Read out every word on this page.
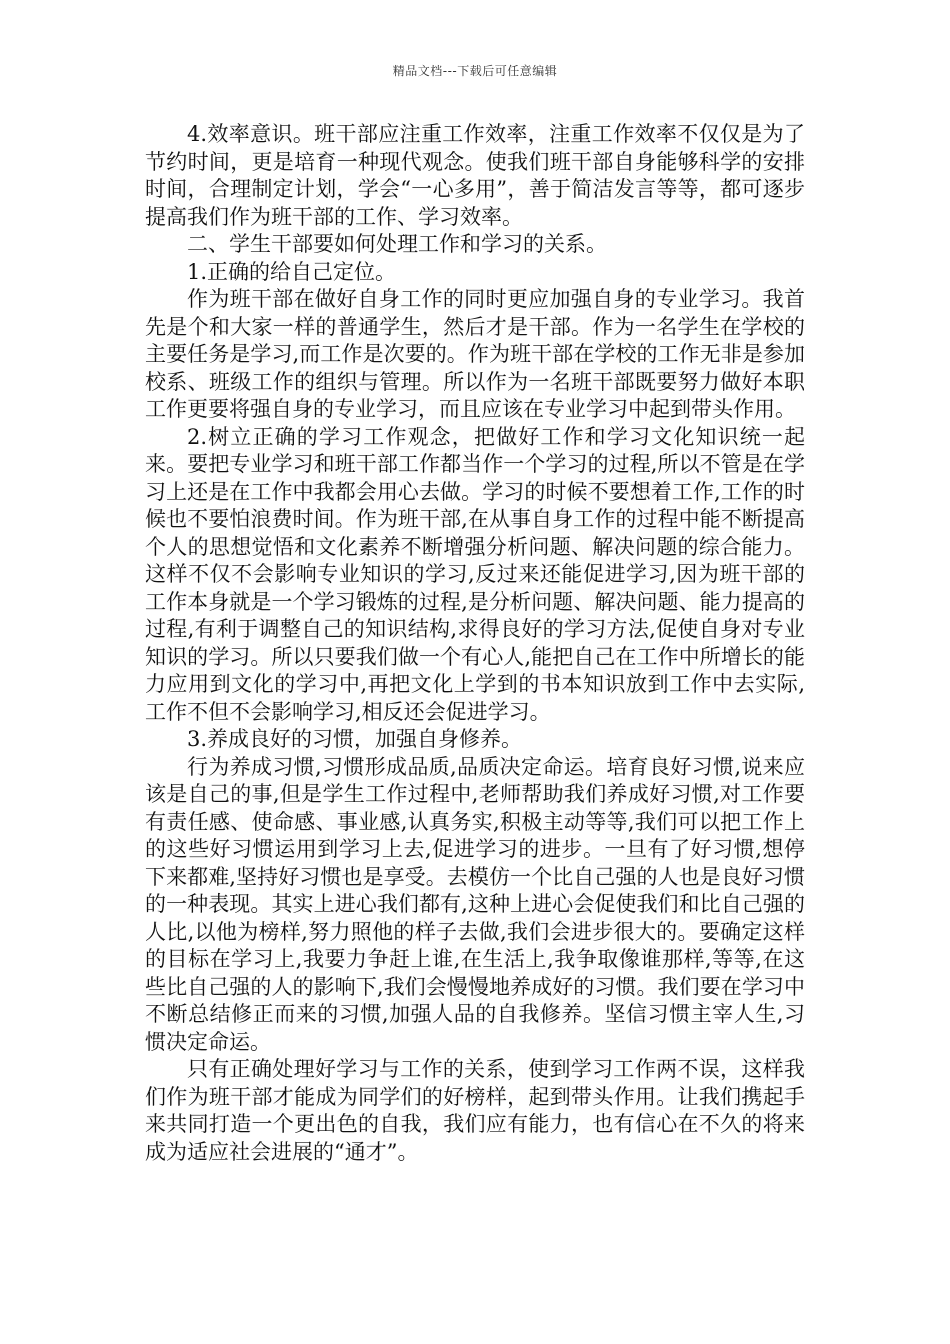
精品文档---下载后可任意编辑

4.效率意识。班干部应注重工作效率，注重工作效率不仅仅是为了节约时间，更是培育一种现代观念。使我们班干部自身能够科学的安排时间，合理制定计划，学会“一心多用”，善于简洁发言等等，都可逐步提高我们作为班干部的工作、学习效率。

二、学生干部要如何处理工作和学习的关系。

1.正确的给自己定位。

作为班干部在做好自身工作的同时更应加强自身的专业学习。我首先是个和大家一样的普通学生，然后才是干部。作为一名学生在学校的主要任务是学习,而工作是次要的。作为班干部在学校的工作无非是参加校系、班级工作的组织与管理。所以作为一名班干部既要努力做好本职工作更要将强自身的专业学习，而且应该在专业学习中起到带头作用。

2.树立正确的学习工作观念，把做好工作和学习文化知识统一起来。要把专业学习和班干部工作都当作一个学习的过程,所以不管是在学习上还是在工作中我都会用心去做。学习的时候不要想着工作,工作的时候也不要怕浪费时间。作为班干部,在从事自身工作的过程中能不断提高个人的思想觉悟和文化素养不断增强分析问题、解决问题的综合能力。这样不仅不会影响专业知识的学习,反过来还能促进学习,因为班干部的工作本身就是一个学习锻炼的过程,是分析问题、解决问题、能力提高的过程,有利于调整自己的知识结构,求得良好的学习方法,促使自身对专业知识的学习。所以只要我们做一个有心人,能把自己在工作中所增长的能力应用到文化的学习中,再把文化上学到的书本知识放到工作中去实际,工作不但不会影响学习,相反还会促进学习。

3.养成良好的习惯，加强自身修养。

行为养成习惯,习惯形成品质,品质决定命运。培育良好习惯,说来应该是自己的事,但是学生工作过程中,老师帮助我们养成好习惯,对工作要有责任感、使命感、事业感,认真务实,积极主动等等,我们可以把工作上的这些好习惯运用到学习上去,促进学习的进步。一旦有了好习惯,想停下来都难,坚持好习惯也是享受。去模仿一个比自己强的人也是良好习惯的一种表现。其实上进心我们都有,这种上进心会促使我们和比自己强的人比,以他为榜样,努力照他的样子去做,我们会进步很大的。要确定这样的目标在学习上,我要力争赶上谁,在生活上,我争取像谁那样,等等,在这些比自己强的人的影响下,我们会慢慢地养成好的习惯。我们要在学习中不断总结修正而来的习惯,加强人品的自我修养。坚信习惯主宰人生,习惯决定命运。

只有正确处理好学习与工作的关系，使到学习工作两不误，这样我们作为班干部才能成为同学们的好榜样，起到带头作用。让我们携起手来共同打造一个更出色的自我，我们应有能力，也有信心在不久的将来成为适应社会进展的“通才”。
